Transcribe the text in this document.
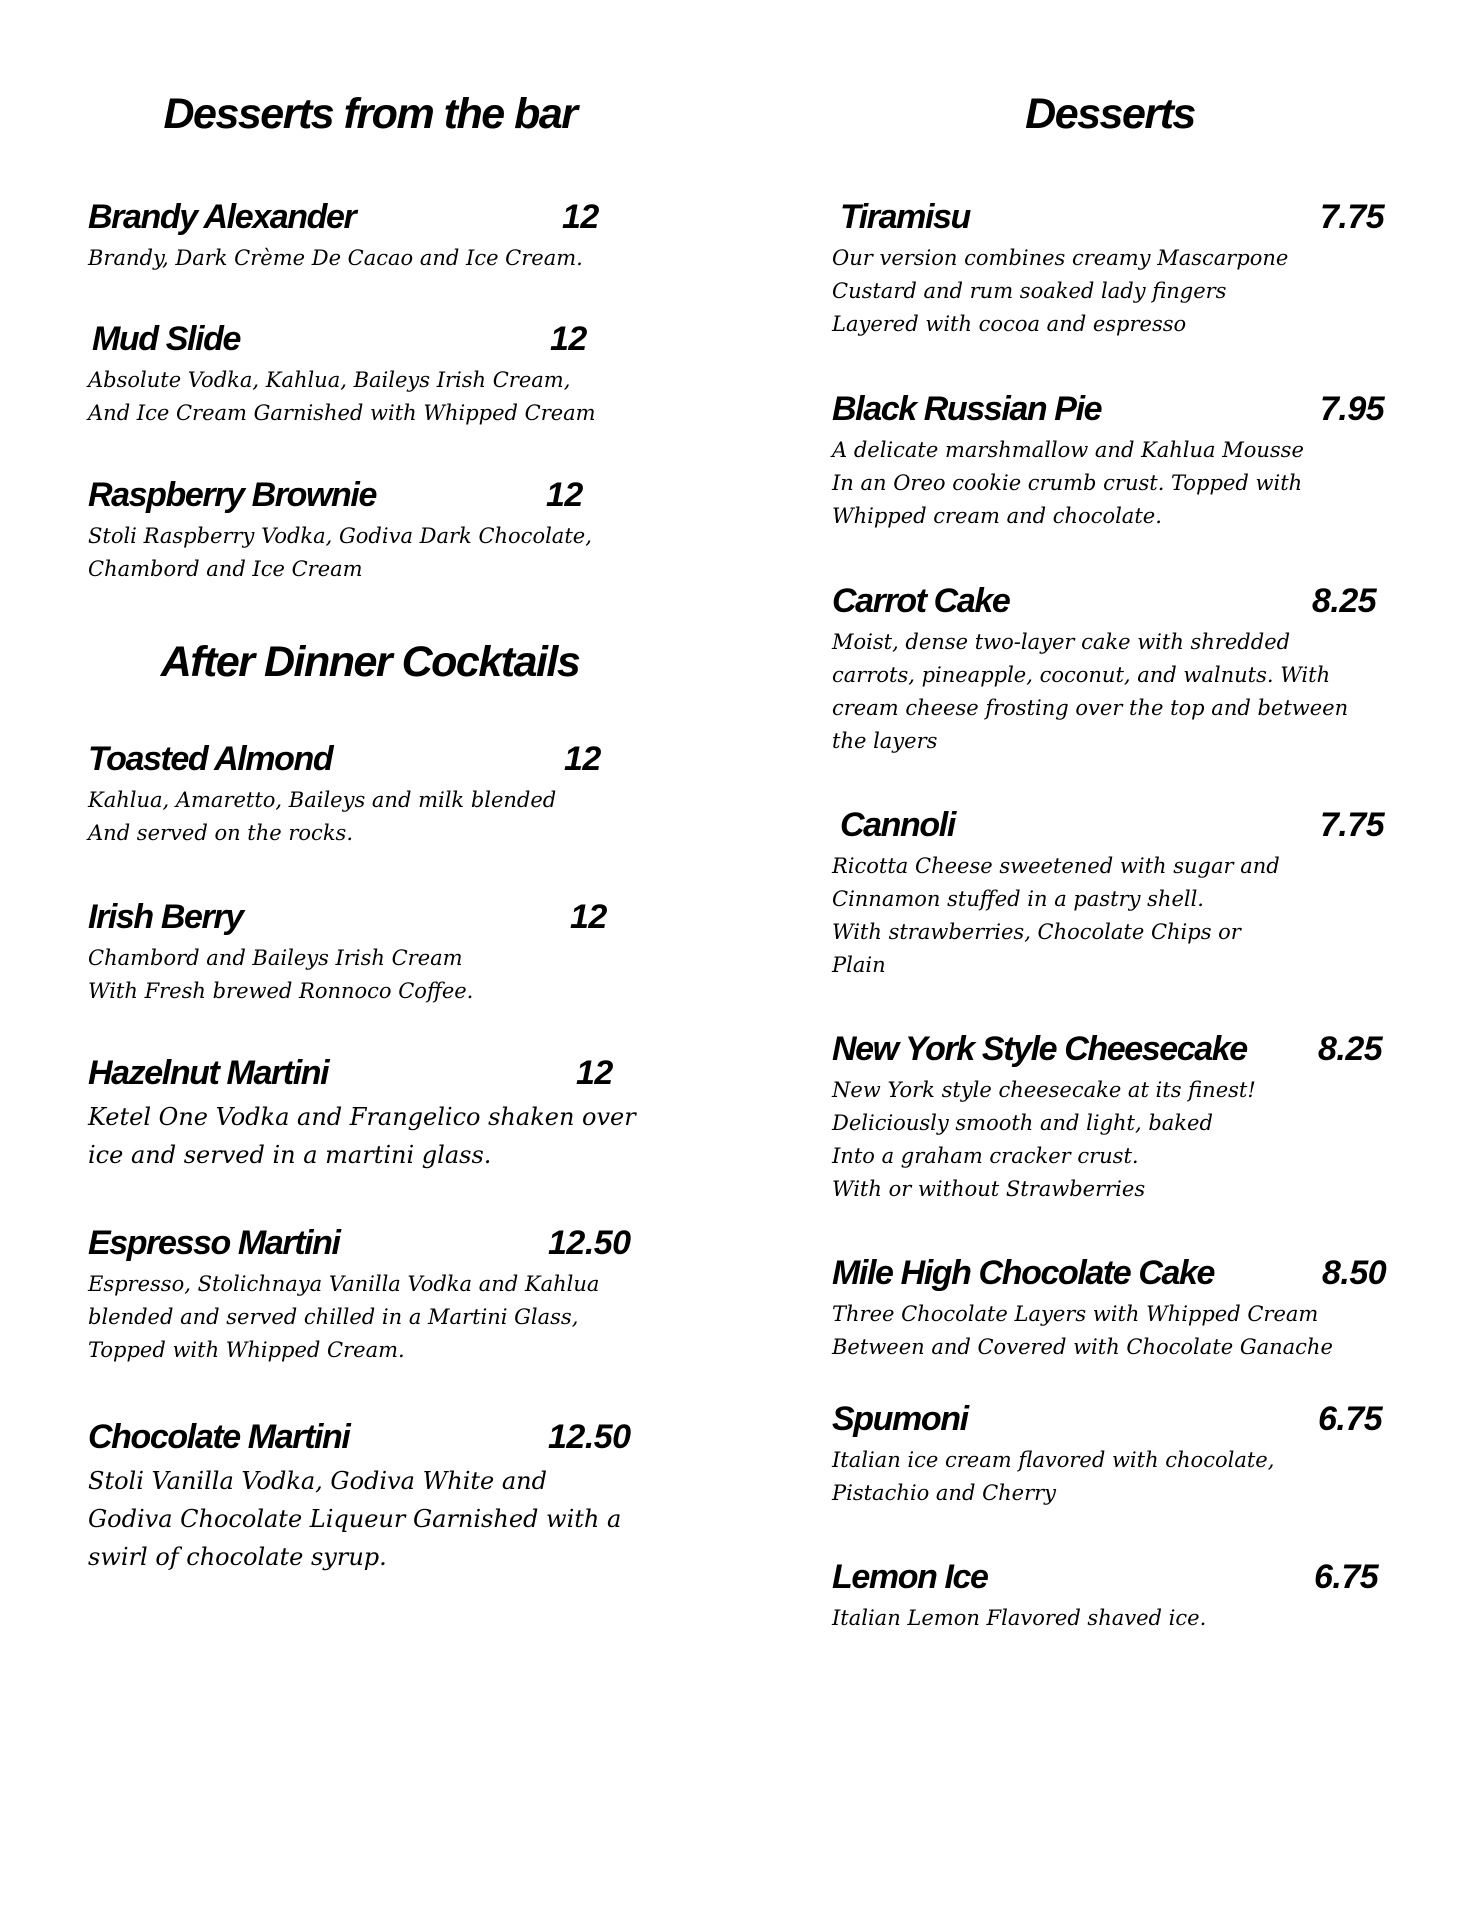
Desserts from the bar
Brandy Alexander	12
Brandy, Dark Crème De Cacao and Ice Cream.
Mud Slide	12
Absolute Vodka, Kahlua, Baileys Irish Cream,
And Ice Cream Garnished with Whipped Cream
Raspberry Brownie	12
Stoli Raspberry Vodka, Godiva Dark Chocolate,
Chambord and Ice Cream
After Dinner Cocktails
Toasted Almond	12
Kahlua, Amaretto, Baileys and milk blended
And served on the rocks.
Irish Berry	12
Chambord and Baileys Irish Cream
With Fresh brewed Ronnoco Coffee.
Hazelnut Martini	12
Ketel One Vodka and Frangelico shaken over
ice and served in a martini glass.
Espresso Martini	12.50
Espresso, Stolichnaya Vanilla Vodka and Kahlua
blended and served chilled in a Martini Glass,
Topped with Whipped Cream.
Chocolate Martini	12.50
Stoli Vanilla Vodka, Godiva White and
Godiva Chocolate Liqueur Garnished with a
swirl of chocolate syrup.
Desserts
Tiramisu	7.75
Our version combines creamy Mascarpone
Custard and rum soaked lady fingers
Layered with cocoa and espresso
Black Russian Pie	7.95
A delicate marshmallow and Kahlua Mousse
In an Oreo cookie crumb crust. Topped with
Whipped cream and chocolate.
Carrot Cake	8.25
Moist, dense two-layer cake with shredded
carrots, pineapple, coconut, and walnuts. With
cream cheese frosting over the top and between
the layers
Cannoli	7.75
Ricotta Cheese sweetened with sugar and
Cinnamon stuffed in a pastry shell.
With strawberries, Chocolate Chips or
Plain
New York Style Cheesecake 8.25
New York style cheesecake at its finest!
Deliciously smooth and light, baked
Into a graham cracker crust.
With or without Strawberries
Mile High Chocolate Cake	8.50
Three Chocolate Layers with Whipped Cream
Between and Covered with Chocolate Ganache
Spumoni	6.75
Italian ice cream flavored with chocolate,
Pistachio and Cherry
Lemon Ice	6.75
Italian Lemon Flavored shaved ice.
